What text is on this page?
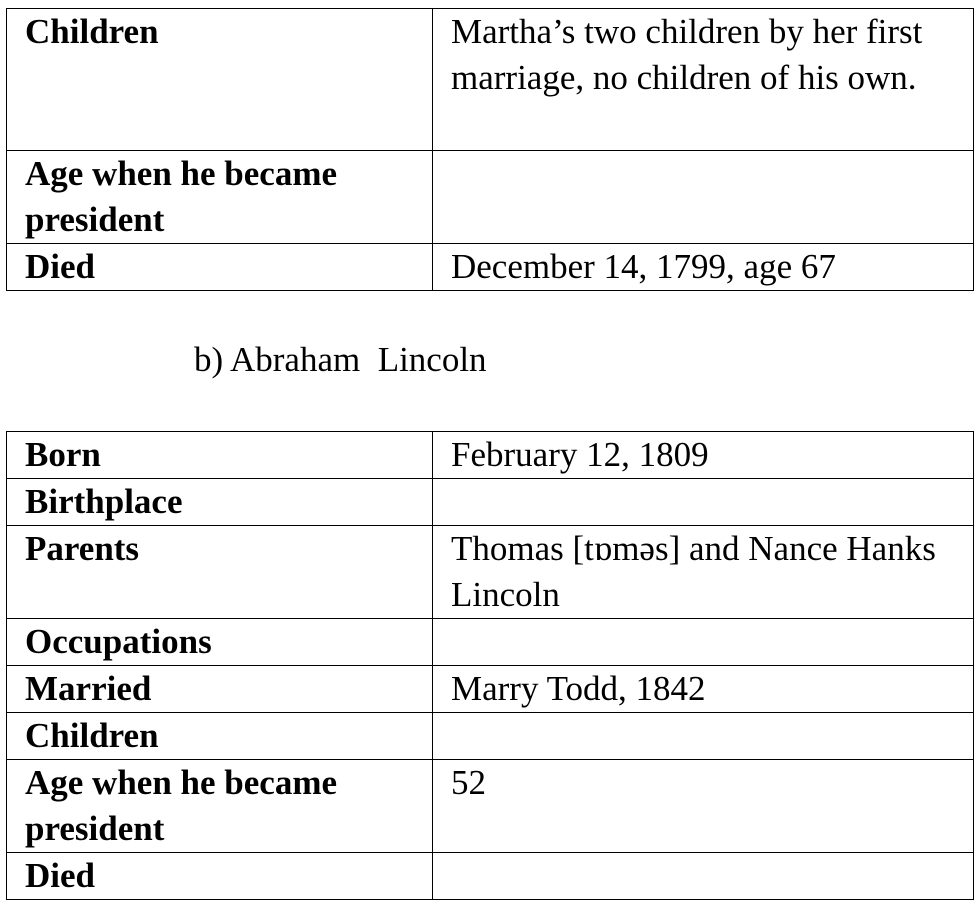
Children	Martha’s two children by her first marriage, no children of his own.
Age when he became president	
Died	December 14, 1799, age 67
b) Abraham  Lincoln
Born	February 12, 1809
Birthplace	
Parents	Thomas [tɒməs] and Nance Hanks Lincoln
Occupations	
Married	Marry Todd, 1842
Children	
Age when he became president	52
Died	
